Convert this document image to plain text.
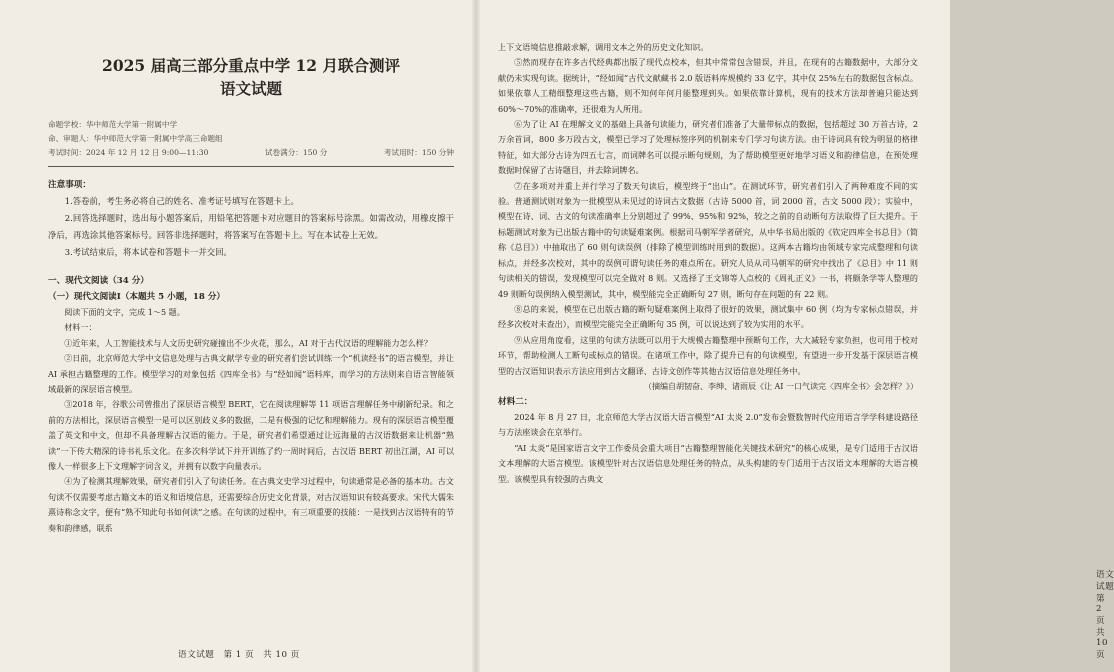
2025 届高三部分重点中学 12 月联合测评
语文试题
命题学校：华中师范大学第一附属中学
命、审题人：华中师范大学第一附属中学高三命题组
考试时间：2024 年 12 月 12 日 9:00—11:30	试卷满分：150 分	考试用时：150 分钟
注意事项：

1.答卷前，考生务必将自己的姓名、准考证号填写在答题卡上。

2.回答选择题时，选出每小题答案后，用铅笔把答题卡对应题目的答案标号涂黑。如需改动，用橡皮擦干净后，再选涂其他答案标号。回答非选择题时，将答案写在答题卡上。写在本试卷上无效。

3.考试结束后，将本试卷和答题卡一并交回。

一、现代文阅读（34 分）
（一）现代文阅读Ⅰ（本题共 5 小题，18 分）

阅读下面的文字，完成 1～5 题。

材料一：

①近年来，人工智能技术与人文历史研究碰撞出不少火花，那么，AI 对于古代汉语的理解能力怎么样？

②日前，北京师范大学中文信息处理与古典文献学专业的研究者们尝试训练一个“机读经书”的语言模型，并让 AI 承担古籍整理的工作。模型学习的对象包括《四库全书》与“经如闻”语料库，而学习的方法则来自语言智能领域最新的深层语言模型。

③2018 年，谷歌公司曾推出了深层语言模型 BERT，它在阅读理解等 11 项语言理解任务中刷新纪录。和之前的方法相比，深层语言模型一是可以区别歧义多的数据，二是有极强的记忆和理解能力。现有的深层语言模型覆盖了英文和中文，但却不具备理解古汉语的能力。于是，研究者们希望通过让远海量的古汉语数据来让机器“熟读”一下传大精深的诗书礼乐文化。在多次科学试下并开训练了约一周时间后，古汉语 BERT 初出江湖，AI 可以像人一样很多上下文理解字词含义，并拥有以数字向量表示。

④为了检测其理解效果，研究者们引入了句读任务。在古典文史学习过程中，句读通常是必备的基本功。古文句读不仅需要考虑古籍文本的语义和语境信息，还需要综合历史文化背景，对古汉语知识有较高要求。宋代大儒朱熹诗称念文字，便有“熟不知此句书如何读”之感。在句读的过程中，有三项重要的技能：一是找到古汉语特有的节奏和韵律感，联系

语文试题　第 1 页　共 10 页

上下文语境信息推敲求解，调用文本之外的历史文化知识。

⑤然而现存在许多古代经典都出版了现代点校本，但其中常常包含错误，并且，在现有的古籍数据中，大部分文献仍未实现句读。据统计，“经如闻”古代文献藏书 2.0 版语料库规模约 33 亿字，其中仅 25%左右的数据包含标点。如果依靠人工精细整理这些古籍，则不知何年何月能整理到头。如果依靠计算机，现有的技术方法却普遍只能达到 60%～70%的准确率，还很难为人所用。

⑥为了让 AI 在理解文义的基础上具备句读能力，研究者们准备了大量带标点的数据，包括超过 30 万首古诗，2 万余首词，800 多万段古文，模型已学习了处理标签序列的机制来专门学习句读方法。由于诗词具有较为明显的格律特征，如大部分古诗为四五七言，而词牌名可以提示断句规则，为了帮助模型更好地学习语义和韵律信息，在预处理数据时保留了古诗题目，并去除词牌名。

⑦在多项对并重上并行学习了数天句读后，模型终于“出山”。在测试环节，研究者们引入了两种难度不同的实验。普通测试则对象为一批模型从未见过的诗词古文数据（古诗 5000 首，词 2000 首，古文 5000 段）；实验中，模型在诗、词、古文的句读准确率上分别超过了 99%、95%和 92%，较之之前的自动断句方法取得了巨大提升。于标题测试对象为已出版古籍中的句读疑难案例。根据司马朝军学者研究，从中华书局出版的《钦定四库全书总目》（简称《总目》）中抽取出了 60 则句读误例（排除了模型训练时用到的数据）。这两本古籍均由领域专家完成整理和句读标点，并经多次校对，其中的误例可谓句读任务的难点所在。研究人员从司马朝军的研究中找出了《总目》中 11 则句读相关的错误，发现模型可以完全做对 8 则。又选择了王文锦等人点校的《周礼正义》一书，将颇条学等人整理的 49 则断句误例纳入模型测试，其中，模型能完全正确断句 27 则，断句存在问题的有 22 则。

⑧总的来说，模型在已出版古籍的断句疑难案例上取得了很好的效果，测试集中 60 例（均为专家标点错误，并经多次校对未查出），而模型完能完全正确断句 35 例，可以说达到了较为实用的水平。

⑨从应用角度看，这里的句读方法既可以用于大规模古籍整理中预断句工作，大大减轻专家负担，也可用于校对环节，帮助检测人工断句或标点的错误。在诸项工作中，除了提升已有的句读模型，有望进一步开发基于深层语言模型的古汉语知识表示方法应用到古文翻译、古诗文创作等其他古汉语信息处理任务中。

（摘编自胡韧奋、李绅、诸雨辰《让 AI 一口气读完〈四库全书〉会怎样？》）
材料二：

2024 年 8 月 27 日，北京师范大学古汉语大语言模型“AI 太炎 2.0”发布会暨数智时代应用语言学学科建设路径与方法座谈会在京举行。

“AI 太炎”是国家语言文字工作委员会重大项目“古籍整理智能化关键技术研究”的核心成果，是专门适用于古汉语文本理解的大语言模型。该模型针对古汉语信息处理任务的特点，从头构建的专门适用于古汉语文本理解的大语言模型。该模型具有较强的古典文

语文试题　第 2 页　共 10 页
